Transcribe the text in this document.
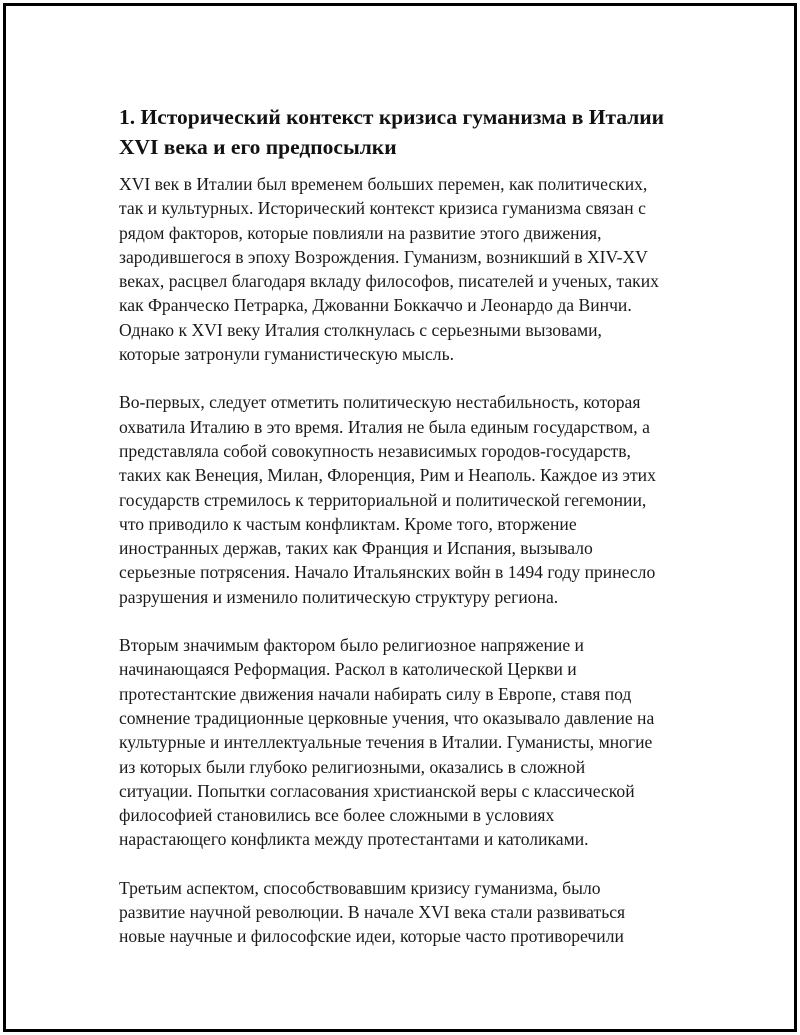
1. Исторический контекст кризиса гуманизма в Италии
XVI века и его предпосылки

XVI век в Италии был временем больших перемен, как политических,
так и культурных. Исторический контекст кризиса гуманизма связан с
рядом факторов, которые повлияли на развитие этого движения,
зародившегося в эпоху Возрождения. Гуманизм, возникший в XIV-XV
веках, расцвел благодаря вкладу философов, писателей и ученых, таких
как Франческо Петрарка, Джованни Боккаччо и Леонардо да Винчи.
Однако к XVI веку Италия столкнулась с серьезными вызовами,
которые затронули гуманистическую мысль.

Во-первых, следует отметить политическую нестабильность, которая
охватила Италию в это время. Италия не была единым государством, а
представляла собой совокупность независимых городов-государств,
таких как Венеция, Милан, Флоренция, Рим и Неаполь. Каждое из этих
государств стремилось к территориальной и политической гегемонии,
что приводило к частым конфликтам. Кроме того, вторжение
иностранных держав, таких как Франция и Испания, вызывало
серьезные потрясения. Начало Итальянских войн в 1494 году принесло
разрушения и изменило политическую структуру региона.

Вторым значимым фактором было религиозное напряжение и
начинающаяся Реформация. Раскол в католической Церкви и
протестантские движения начали набирать силу в Европе, ставя под
сомнение традиционные церковные учения, что оказывало давление на
культурные и интеллектуальные течения в Италии. Гуманисты, многие
из которых были глубоко религиозными, оказались в сложной
ситуации. Попытки согласования христианской веры с классической
философией становились все более сложными в условиях
нарастающего конфликта между протестантами и католиками.

Третьим аспектом, способствовавшим кризису гуманизма, было
развитие научной революции. В начале XVI века стали развиваться
новые научные и философские идеи, которые часто противоречили
